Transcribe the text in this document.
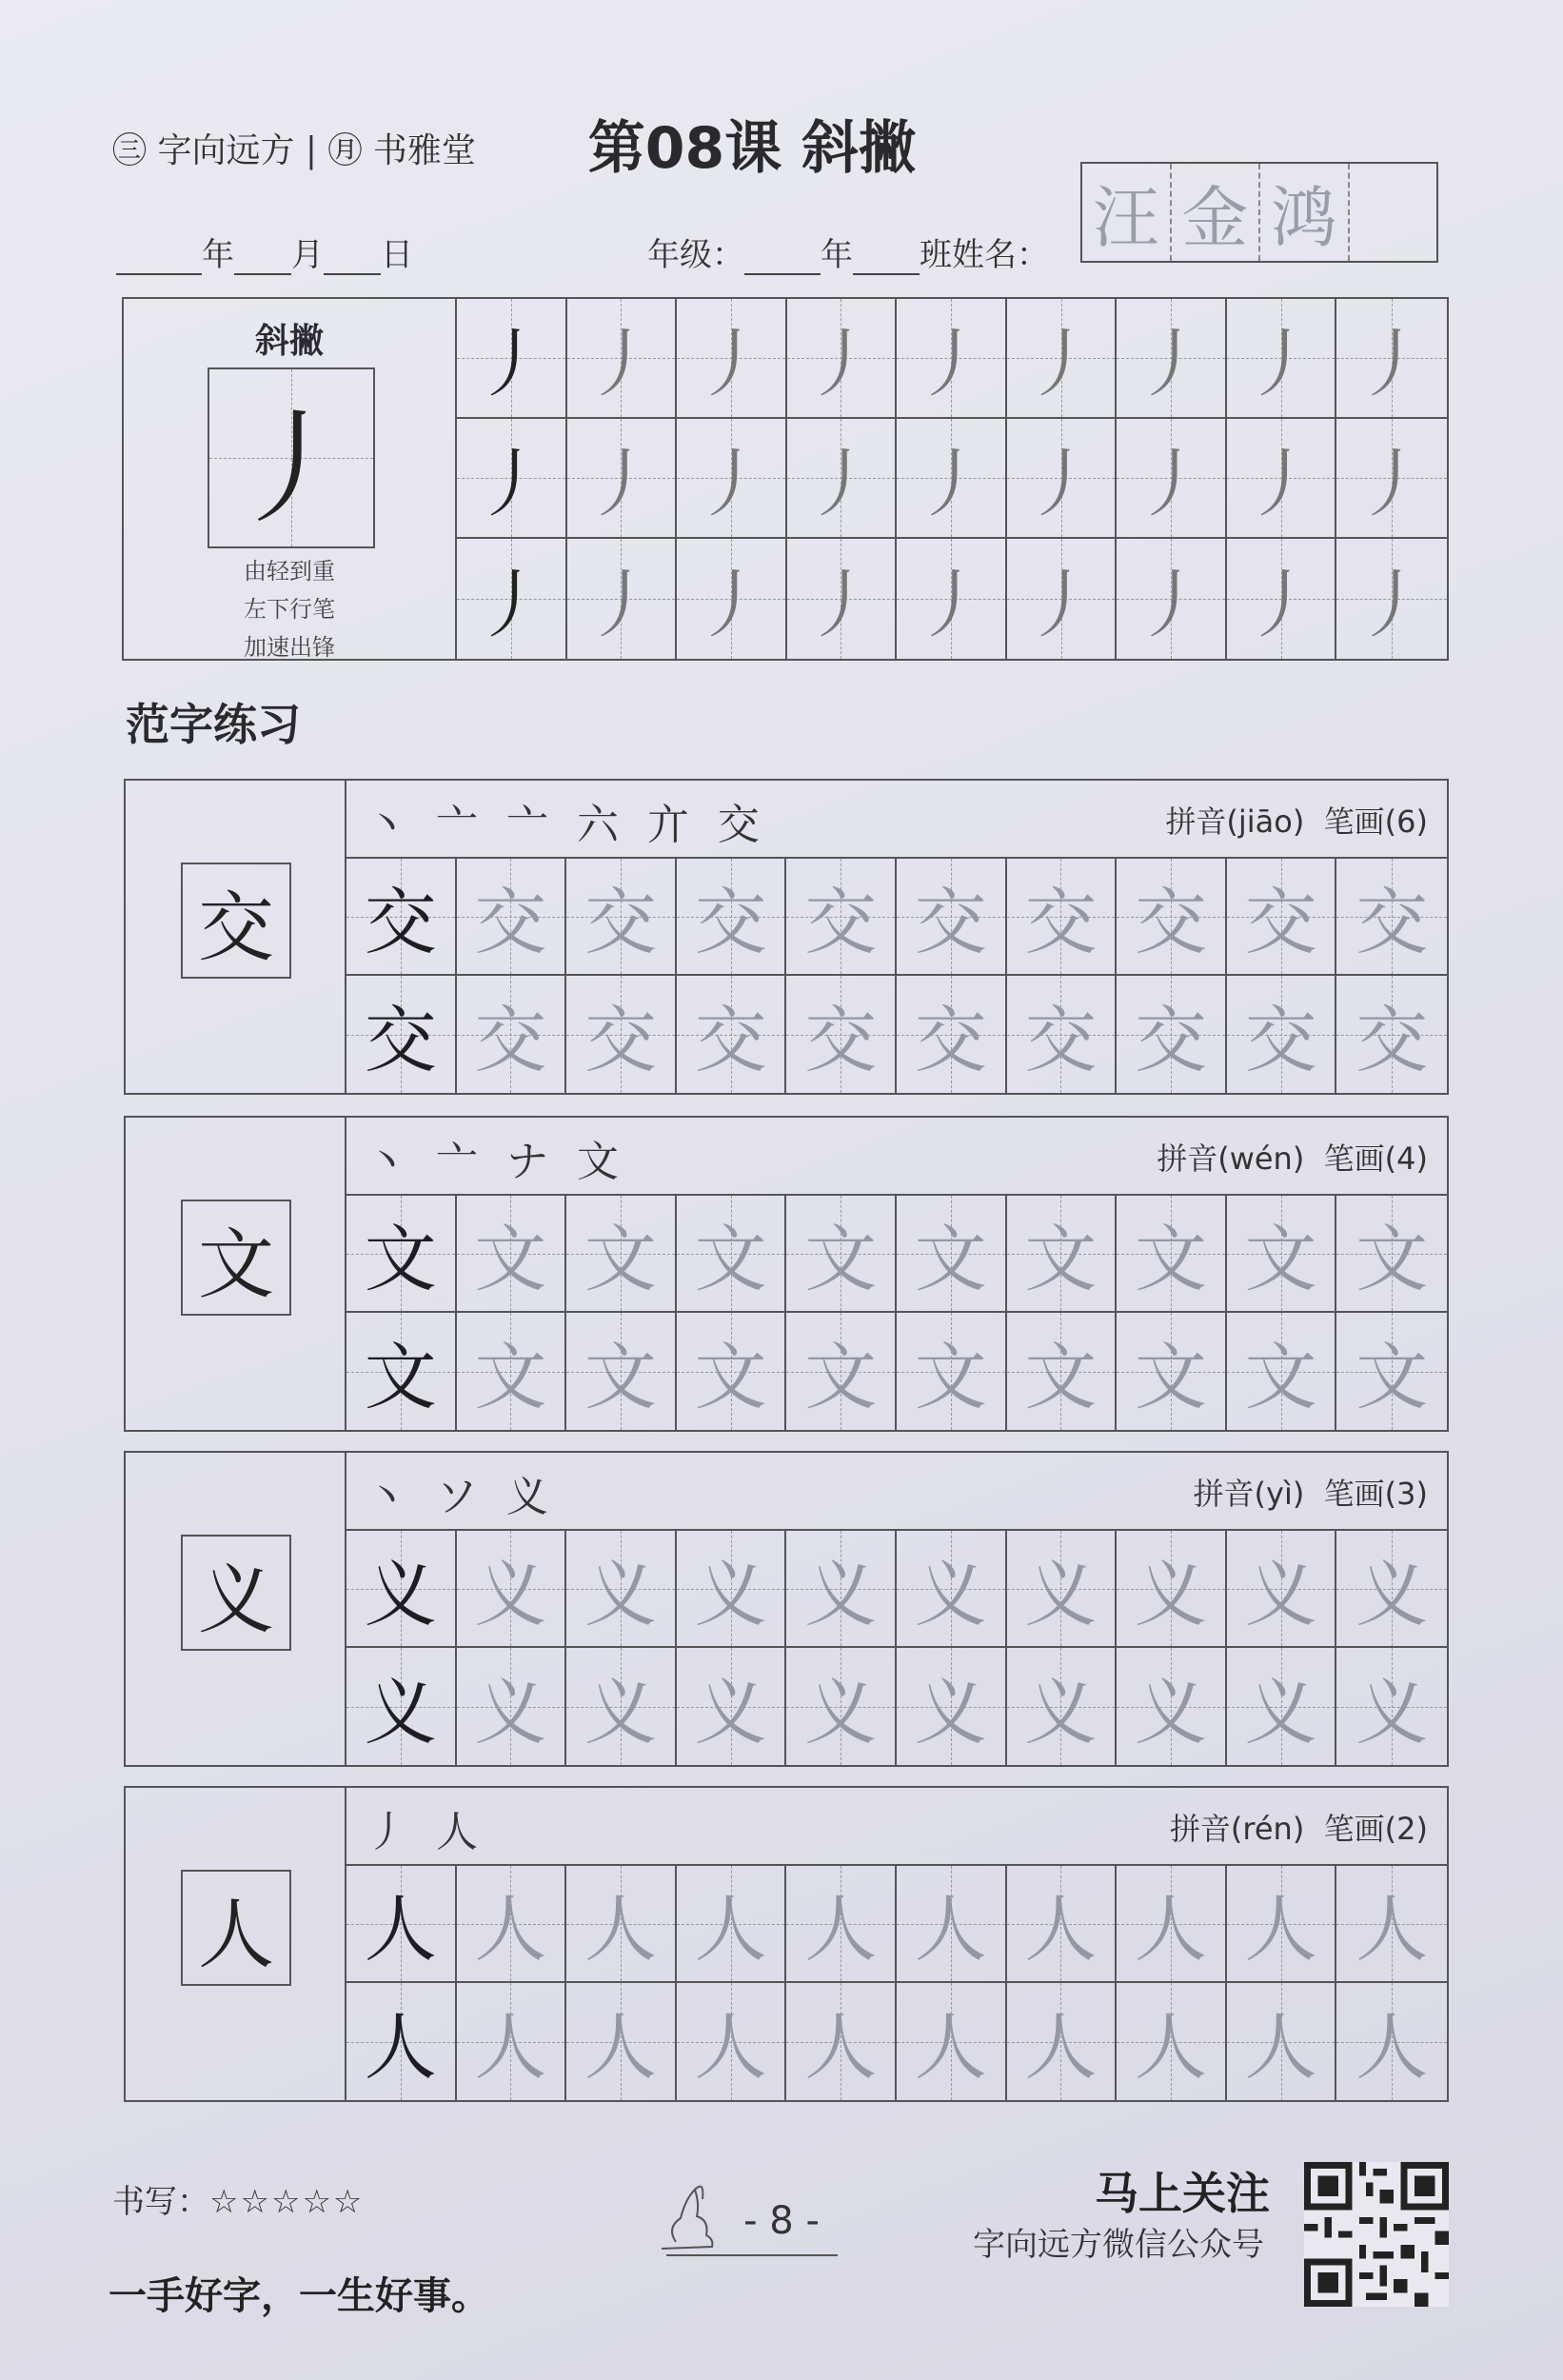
㊂ 字向远方 | ㊊ 书雅堂	第08课 斜撇
年 月 日	年级： 年 班姓名： 汪 金 鸿
斜撇
丿
由轻到重
左下行笔
加速出锋
丿 丿 丿 丿 丿 丿 丿 丿 丿
丿 丿 丿 丿 丿 丿 丿 丿 丿
丿 丿 丿 丿 丿 丿 丿 丿 丿
范字练习
交
丶 亠 亠 六 亣 交	拼音(jiāo)  笔画(6)
交 交 交 交 交 交 交 交 交 交
交 交 交 交 交 交 交 交 交 交
文
丶 亠 ナ 文	拼音(wén)  笔画(4)
文 文 文 文 文 文 文 文 文 文
文 文 文 文 文 文 文 文 文 文
义
丶 ソ 义	拼音(yì)  笔画(3)
义 义 义 义 义 义 义 义 义 义
义 义 义 义 义 义 义 义 义 义
人
丿 人	拼音(rén)  笔画(2)
人 人 人 人 人 人 人 人 人 人
人 人 人 人 人 人 人 人 人 人
书写：☆☆☆☆☆
一手好字，一生好事。
- 8 -
马上关注
字向远方微信公众号
